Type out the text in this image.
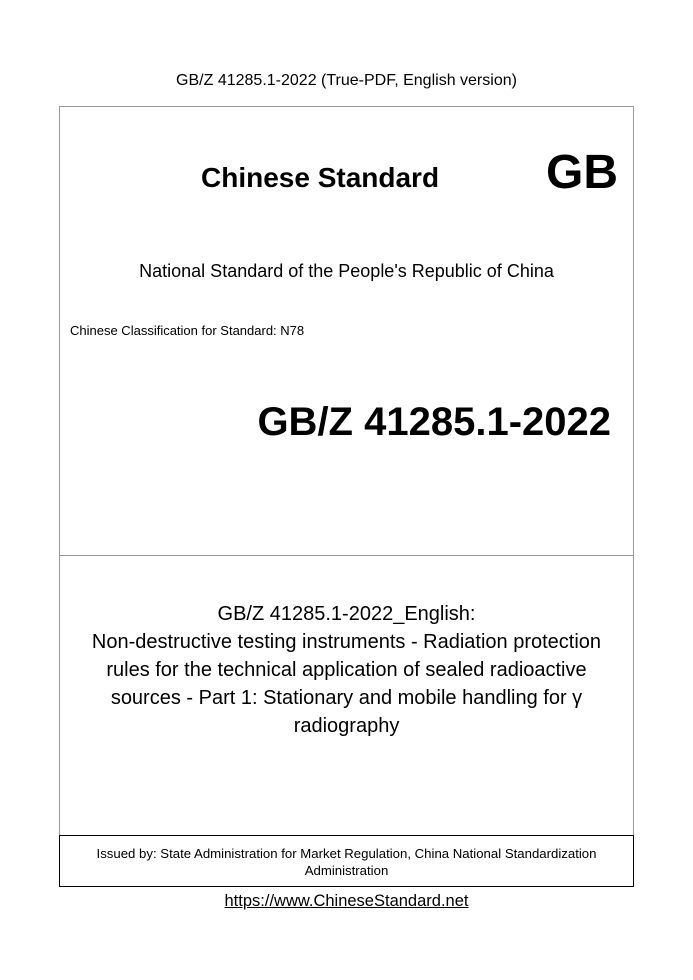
GB/Z 41285.1-2022 (True-PDF, English version)
Chinese Standard GB
National Standard of the People's Republic of China
Chinese Classification for Standard: N78
GB/Z 41285.1-2022
GB/Z 41285.1-2022_English:
Non-destructive testing instruments - Radiation protection
rules for the technical application of sealed radioactive
sources - Part 1: Stationary and mobile handling for γ
radiography
Issued by: State Administration for Market Regulation, China National Standardization
Administration
https://www.ChineseStandard.net
